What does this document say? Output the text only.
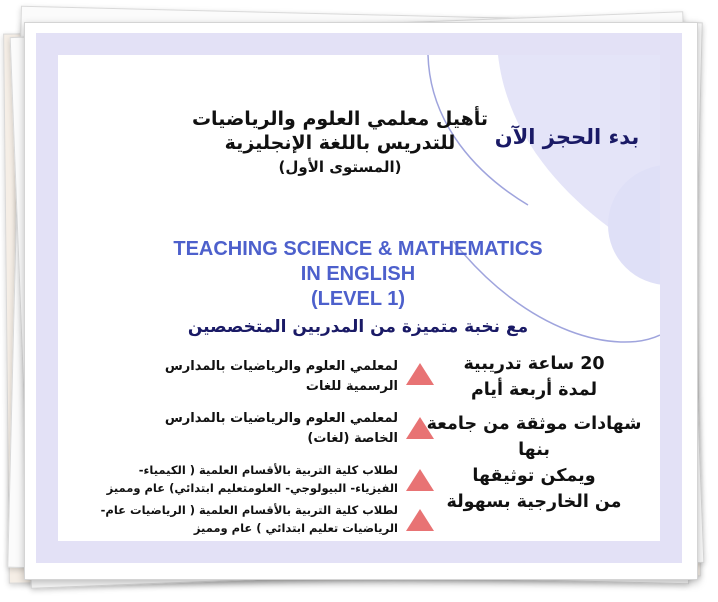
بدء الحجز الآن
تأهيل معلمي العلوم والرياضيات
للتدريس باللغة الإنجليزية
(المستوى الأول)
TEACHING SCIENCE & MATHEMATICS
IN ENGLISH
(LEVEL 1)
مع نخبة متميزة من المدربين المتخصصين
لمعلمي العلوم والرياضيات بالمدارس
الرسمية للغات
لمعلمي العلوم والرياضيات بالمدارس
الخاصة (لغات)
لطلاب كلية التربية بالأقسام العلمية ( الكيمياء-
الفيزياء- البيولوجي- العلومتعليم ابتدائي) عام ومميز
لطلاب كلية التربية بالأقسام العلمية ( الرياضيات عام-
الرياضيات تعليم ابتدائي ) عام ومميز
20 ساعة تدريبية
لمدة أربعة أيام
شهادات موثقة من جامعة بنها
ويمكن توثيقها
من الخارجية بسهولة
